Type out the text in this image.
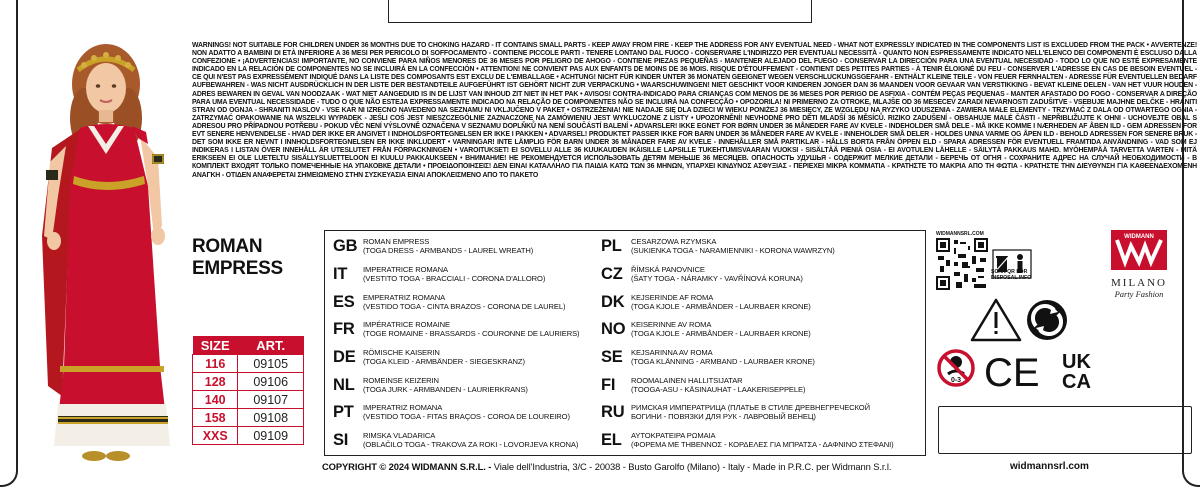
WARNINGS! NOT SUITABLE FOR CHILDREN UNDER 36 MONTHS DUE TO CHOKING HAZARD - IT CONTAINS SMALL PARTS - KEEP AWAY FROM FIRE - KEEP THE ADDRESS FOR ANY EVENTUAL NEED - WHAT NOT EXPRESSLY INDICATED IN THE COMPONENTS LIST IS EXCLUDED FROM THE PACK • AVVERTENZE! NON ADATTO A BAMBINI DI ETÀ INFERIORE A 36 MESI PER PERICOLO DI SOFFOCAMENTO - CONTIENE PICCOLE PARTI - TENERE LONTANO DAL FUOCO - CONSERVARE L'INDIRIZZO PER EVENTUALI NECESSITÀ - QUANTO NON ESPRESSAMENTE INDICATO NELL'ELENCO DEI COMPONENTI È ESCLUSO DALLA CONFEZIONE • ¡ADVERTENCIAS! IMPORTANTE, NO CONVIENE PARA NIÑOS MENORES DE 36 MESES POR PELIGRO DE AHOGO - CONTIENE PIEZAS PEQUEÑAS - MANTENER ALEJADO DEL FUEGO - CONSERVAR LA DIRECCIÓN PARA UNA EVENTUAL NECESIDAD - TODO LO QUE NO ESTÉ EXPRESAMENTE INDICADO EN LA RELACIÓN DE COMPONENTES NO SE INCLUIRÁ EN LA CONFECCIÓN • ATTENTION! NE CONVIENT PAS AUX ENFANTS DE MOINS DE 36 MOIS. RISQUE D'ÉTOUFFEMENT - CONTIENT DES PETITES PARTIES - À TENIR ÉLOIGNÉ DU FEU - CONSERVER L'ADRESSE EN CAS DE BESOIN EVENTUEL - CE QUI N'EST PAS EXPRESSÉMENT INDIQUÉ DANS LA LISTE DES COMPOSANTS EST EXCLU DE L'EMBALLAGE • ACHTUNG! NICHT FÜR KINDER UNTER 36 MONATEN GEEIGNET WEGEN VERSCHLUCKUNGSGEFAHR - ENTHÄLT KLEINE TEILE - VON FEUER FERNHALTEN - ADRESSE FÜR EVENTUELLEN BEDARF AUFBEWAHREN - WAS NICHT AUSDRÜCKLICH IN DER LISTE DER BESTANDTEILE AUFGEFÜHRT IST GEHÖRT NICHT ZUR VERPACKUNG • WAARSCHUWINGEN! NIET GESCHIKT VOOR KINDEREN JONGER DAN 36 MAANDEN VOOR GEVAAR VAN VERSTIKKING - BEVAT KLEINE DELEN - VAN HET VUUR HOUDEN - ADRES BEWAREN IN GEVAL VAN NOODZAAK - WAT NIET AANGEDUID IS IN DE LIJST VAN INHOUD ZIT NIET IN HET PAK • AVISOS! CONTRA-INDICADO PARA CRIANÇAS COM MENOS DE 36 MESES POR PERIGO DE ASFIXIA - CONTÉM PEÇAS PEQUENAS - MANTER AFASTADO DO FOGO - CONSERVAR A DIREÇÃO PARA UMA EVENTUAL NECESSIDADE - TUDO O QUE NÃO ESTEJA EXPRESSAMENTE INDICADO NA RELAÇÃO DE COMPONENTES NÃO SE INCLUIRÁ NA CONFECÇÃO • OPOZORILA! NI PRIMERNO ZA OTROKE, MLAJŠE OD 36 MESECEV ZARADI NEVARNOSTI ZADUŠITVE - VSEBUJE MAJHNE DELČKE - HRANITI STRAN OD OGNJA - SHRANITI NASLOV - VSE KAR NI IZRECNO NAVEDENO NA SEZNAMU NI VKLJUČENO V PAKET • OSTRZEŻENIA! NIE NADAJE SIĘ DLA DZIECI W WIEKU PONIŻEJ 36 MIESIĘCY, ZE WZGLĘDU NA RYZYKO UDUSZENIA - ZAWIERA MAŁE ELEMENTY - TRZYMAĆ Z DALA OD OTWARTEGO OGNIA - ZATRZYMAĆ OPAKOWANIE NA WSZELKI WYPADEK - JEŚLI COŚ JEST NIESZCZEGÓLNIE ZAZNACZONE NA ZAMÓWIENIU JEST WYKLUCZONE Z LISTY • UPOZORNĚNÍ! NEVHODNÉ PRO DĚTI MLADŠÍ 36 MĚSÍCŮ. RIZIKO ZADUŠENÍ - OBSAHUJE MALÉ ČÁSTI - NEPŘIBLIŽUJTE K OHNI - UCHOVEJTE OBAL S ADRESOU PRO PŘÍPADNOU POTŘEBU - POKUD VĚC NENÍ VÝSLOVNĚ OZNAČENA V SEZNAMU DOPLŇKŮ NA NENÍ SOUČÁSTÍ BALENÍ • ADVARSLER! IKKE EGNET FOR BØRN UNDER 36 MÅNEDER FARE AV KVELE - INDEHOLDER SMÅ DELE - MÅ IKKE KOMME I NÆRHEDEN AF ÅBEN ILD - GEM ADRESSEN FOR EVT SENERE HENVENDELSE - HVAD DER IKKE ER ANGIVET I INDHOLDSFORTEGNELSEN ER IKKE I PAKKEN • ADVARSEL! PRODUKTET PASSER IKKE FOR BARN UNDER 36 MÅNEDER FARE AV KVELE - INNEHOLDER SMÅ DELER - HOLDES UNNA VARME OG ÅPEN ILD - BEHOLD ADRESSEN FOR SENERE BRUK - DET SOM IKKE ER NEVNT I INNHOLDSFORTEGNELSEN ER IKKE INKLUDERT • VARNINGAR! INTE LÄMPLIG FÖR BARN UNDER 36 MÅNADER FARE AV KVELE - INNEHÅLLER SMÅ PARTIKLAR - HÅLLS BORTA FRÅN ÖPPEN ELD - SPARA ADRESSEN FÖR EVENTUELL FRAMTIDA ANVÄNDNING - VAD SOM EJ INDIKERAS I LISTAN ÖVER INNEHÅLL ÄR UTESLUTET FRÅN FÖRPACKNINGEN • VAROITUKSET! EI SOVELLU ALLE 36 KUUKAUDEN IKÄISILLE LAPSILLE TUKEHTUMISVAARAN VUOKSI - SISÄLTÄÄ PIENIÄ OSIA - EI AVOTULEN LÄHELLE - SÄILYTÄ PAKKAUS MAHD. MYÖHEMPÄÄ TARVETTA VARTEN - MITÄ ERIKSEEN EI OLE LUETELTU SISÄLLYSLUETTELOON EI KUULU PAKKAUKSEEN • ВНИМАНИЕ! НЕ РЕКОМЕНДУЕТСЯ ИСПОЛЬЗОВАТЬ ДЕТЯМ МЕНЬШЕ 36 МЕСЯЦЕВ. ОПАСНОСТЬ УДУШЬЯ - СОДЕРЖИТ МЕЛКИЕ ДЕТАЛИ - БЕРЕЧЬ ОТ ОГНЯ - СОХРАНИТЕ АДРЕС НА СЛУЧАЙ НЕОБХОДИМОСТИ - В КОМПЛЕКТ ВХОДЯТ ТОЛЬКО ПОМЕЧЕННЫЕ НА УПАКОВКЕ ДЕТАЛИ • ΠΡΟΕΙΔΟΠΟΙΗΣΕΙΣ! ΔΕΝ ΕΙΝΑΙ ΚΑΤΑΛΛΗΛΟ ΓΙΑ ΠΑΙΔΙΑ ΚΑΤΩ ΤΩΝ 36 ΜΗΝΩΝ, ΥΠΑΡΧΕΙ ΚΙΝΔΥΝΟΣ ΑΣΦΥΞΙΑΣ - ΠΕΡΙΕΧΕΙ ΜΙΚΡΑ ΚΟΜΜΑΤΙΑ - ΚΡΑΤΗΣΤΕ ΤΟ ΜΑΚΡΙΑ ΑΠΟ ΤΗ ΦΩΤΙΑ - ΚΡΑΤΗΣΤΕ ΤΗΝ ΔΙΕΥΘΥΝΣΗ ΓΙΑ ΚΑΘΕΕΝΔΕΧΟΜΕΝΗ ΑΝΑΓΚΗ - ΟΤΙΔΕΝ ΑΝΑΦΕΡΕΤΑΙ ΣΗΜΕΙΩΜΕΝΟ ΣΤΗΝ ΣΥΣΚΕΥΑΣΙΑ ΕΙΝΑΙ ΑΠΟΚΛΕΙΣΜΕΝΟ ΑΠΟ ΤΟ ΠΑΚΕΤΟ
ROMAN
EMPRESS
SIZE	ART.
116	09105
128	09106
140	09107
158	09108
XXS	09109
GB ROMAN EMPRESS
(TOGA DRESS - ARMBANDS - LAUREL WREATH)
IT	IMPERATRICE ROMANA
(VESTITO TOGA - BRACCIALI - CORONA D'ALLORO)
ES	EMPERATRIZ ROMANA
(VESTIDO TOGA - CINTA BRAZOS - CORONA DE LAUREL)
FR	IMPÉRATRICE ROMAINE
(TOGE ROMAINE - BRASSARDS - COURONNE DE LAURIERS)
DE RÖMISCHE KAISERIN
(TOGA KLEID - ARMBÄNDER - SIEGESKRANZ)
NL	ROMEINSE KEIZERIN
(TOGA JURK - ARMBANDEN - LAURIERKRANS)
PT	IMPERATRIZ ROMANA
(VESTIDO TOGA - FITAS BRAÇOS - COROA DE LOUREIRO)
SI	RIMSKA VLADARICA
(OBLAČILO TOGA - TRAKOVA ZA ROKI - LOVORJEVA KRONA)
PL	CESARZOWA RZYMSKA
(SUKIENKA TOGA - NARAMIENNIKI - KORONA WAWRZYN)
CZ	ŘÍMSKÁ PANOVNICE
(ŠATY TOGA - NÁRAMKY - VAVŘÍNOVÁ KORUNA)
DK KEJSERINDE AF ROMA
(TOGA KJOLE - ARMBÅNDER - LAURBAER KRONE)
NO KEISERINNE AV ROMA
(TOGA KJOLE - ARMBÅNDER - LAURBAER KRONE)
SE	KEJSARINNA AV ROMA
(TOGA KLÄNNING - ARMBAND - LAURBAER KRONE)
FI	ROOMALAINEN HALLITSIJATAR
(TOOGA-ASU - KÄSINAUHAT - LAAKERISEPPELE)
RU РИМСКАЯ ИМПЕРАТРИЦА (ПЛАТЬЕ В СТИЛЕ ДРЕВНЕГРЕЧЕСКОЙ
БОГИНИ - ПОВЯЗКИ ДЛЯ РУК - ЛАВРОВЫЙ ВЕНЕЦ)
EL	ΑΥΤΟΚΡΑΤΕΙΡΑ ΡΩΜΑΙΑ
(ΦΟΡΕΜΑ ΜΕ ΤΗΒΕΝΝΟΣ - ΚΟΡΔΕΛΕΣ ΓΙΑ ΜΠΡΑΤΣΑ - ΔΑΦΝΙΝΟ ΣΤΕΦΑΝΙ)
WIDMANNSRL.COM
SCAN QR FOR DISPOSAL INFO
WIDMANN
MILANO
Party Fashion
0-3 CE UK
CA
COPYRIGHT © 2024 WIDMANN S.R.L. - Viale dell'Industria, 3/C - 20038 - Busto Garolfo (Milano) - Italy - Made in P.R.C. per Widmann S.r.l.	widmannsrl.com
